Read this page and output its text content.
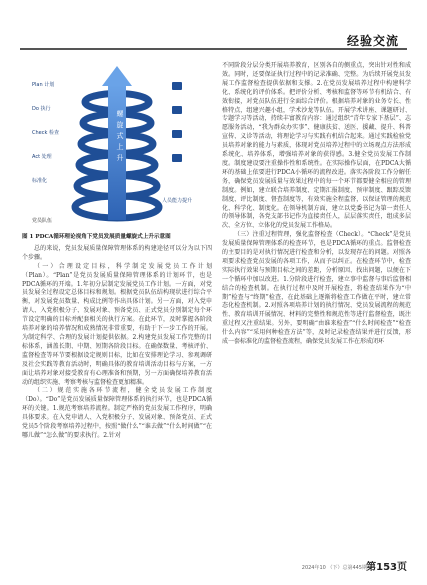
经验交流
螺旋式上升
Plan 计划
Do 执行
Check 检查
Act 处理
标准化
人员能力提升
党员队伍
图 1 PDCA循环理论视角下党员发展质量螺旋式上升示意图

总的来说，党员发展质量保障管理体系的构建途径可以分为以下四个步骤。

（一）合理设定目标，科学制定发展党员工作计划（Plan）。“Plan”是党员发展质量保障管理体系的计划环节，也是PDCA循环的开端。1.年初分层制定发展党员工作计划。一方面，对党员发展全过程设定总体目标和规划。根据党员队伍结构现状进行综合平衡，对发展党员数量、构成比例等作出具体计划。另一方面，对入党申请人、入党积极分子、发展对象、预备党员、正式党员分别制定每个环节设定明确的目标并配套相关的执行方案。在此环节，及时掌握各阶段培养对象的培养情况和成熟情况非常重要，有助于下一步工作的开展。为制定科学、合理的发展计划提供依据。2.构建党员发展工作完整的目标体系，涵盖长期、中期、短期各阶段目标。在确保数量、考核评价、监督检查等环节要根据设定规则目标，比如在安排理论学习、参观调研及社会实践等教育活动时，明确具体的教育培训活动目标与方案，一方面让培养对象对接受教育有心理准备和预期，另一方面确保培养教育活动的组织实施、考察考核与监督检查更加精准。

（二）规范实施各环节流程，健全党员发展工作制度（Do）。“Do”是党员发展质量保障管理体系的执行环节，也是PDCA循环的关键。1.规范考察培养流程。制定严格的党员发展工作程序，明确具体要求。在入党申请人、入党积极分子、发展对象、预备党员、正式党员5个阶段考察培养过程中，按照“做什么”“谁去做”“什么时间做”“在哪儿做”“怎么做”的要求执行。2.针对

不同阶段分层分类开展培养教育，区别各自的侧重点，突出针对性和成效。同时，还要保证执行过程中的记录准确、完整。为后续开展党员发展工作监督检查提供依据和支撑。2.在党员发展培养过程中构建科学化、系统化的评价体系。把评价分析、考核和监督等环节有机结合、有效衔接，对党员队伍进行全面综合评价。根据培养对象的业务专长、性格特点，组建兴趣小组，学术沙龙等队伍。开展学术讲座、课题研讨、专题学习等活动，持续丰富教育内容：通过组织“青年专家下基层”、志愿服务活动，“我为群众办实事”、健康扶贫、送医、援藏、提升、科普宣传、义诊等活动，将理论学习与实践有机结合起来。通过实践检验党员培养对象的能力与素质，体现对党员培养过程中的立场观点方法形成系统化、培养体系，增强培养对象的获得感。3.健全党员发展工作制度。制度建设要注重操作性和系统性。在实际操作层面，在PDCA大循环的基础上依要进行PDCA小循环的流程改进。落实各阶段工作分解任务，确保党员发展质量与效果过程中的每一个环节都要健全相应的管理制度。例如，建立联合培养制度、定期汇报制度、预审制度、跟踪反馈制度、评比制度、督查制度等，有效实施全程监督，以保证管理的规范化、科学化、制度化。在领导机制方面，建立以党委书记为第一责任人的领导体制，各党支部书记作为直接责任人，层层落实责任，组成多层次、全方位、立体化的党员发展工作格局。

（三）注重过程管理，强化监督检查（Check）。“Check”是党员发展质量保障管理体系的检查环节，也是PDCA循环的重点。监督检查的主要目的是对执行情况进行检查和分析，以发现存在的问题。对照各项要求检查党员发展的各项工作，从而予以纠正。在检查环节中，检查实际执行效果与预期目标之间的差距，分析原因、找出问题，以便在下一个循环中加以改进。1.分阶段进行检查，建立事中监督与事后监督相结合的检查机制。在执行过程中及时开展检查，将检查结果作为“中期”检查与“终期”检查，在此基础上逐渐将检查工作做在平时，建立常态化检查机制。2.对照各项培养计划的执行情况、党员发展流程的规范性、教育培训开展情况、材料的完整性和规范性等进行监督检查，既注重过程又注重结果。另外，要明确“由谁来检查”“什么时间检查”“检查什么内容”“采用何种检查方法”等，及时记录检查结果并进行反馈，形成一套标准化的监督检查流程，确保党员发展工作在形成闭环

2024年10 （下）总第445期 第153页
